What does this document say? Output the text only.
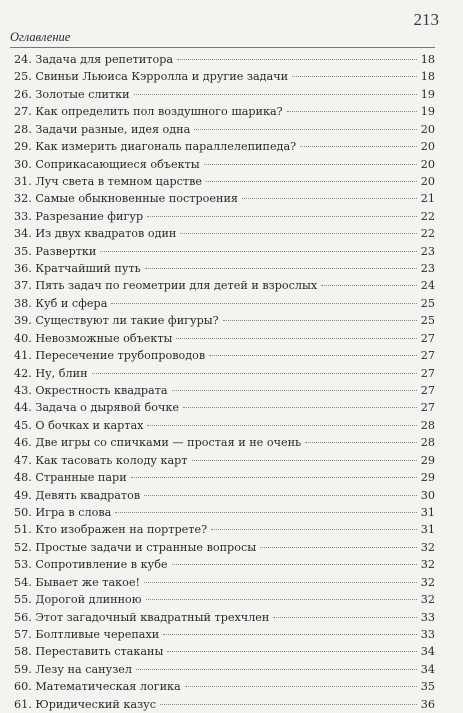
213
Оглавление
24. Задача для репетитора	18
25. Свиньи Льюиса Кэрролла и другие задачи	18
26. Золотые слитки	19
27. Как определить пол воздушного шарика?	19
28. Задачи разные, идея одна	20
29. Как измерить диагональ параллелепипеда?	20
30. Соприкасающиеся объекты	20
31. Луч света в темном царстве	20
32. Самые обыкновенные построения	21
33. Разрезание фигур	22
34. Из двух квадратов один	22
35. Развертки	23
36. Кратчайший путь	23
37. Пять задач по геометрии для детей и взрослых	24
38. Куб и сфера	25
39. Существуют ли такие фигуры?	25
40. Невозможные объекты	27
41. Пересечение трубопроводов	27
42. Ну, блин	27
43. Окрестность квадрата	27
44. Задача о дырявой бочке	27
45. О бочках и картах	28
46. Две игры со спичками — простая и не очень	28
47. Как тасовать колоду карт	29
48. Странные пари	29
49. Девять квадратов	30
50. Игра в слова	31
51. Кто изображен на портрете?	31
52. Простые задачи и странные вопросы	32
53. Сопротивление в кубе	32
54. Бывает же такое!	32
55. Дорогой длинною	32
56. Этот загадочный квадратный трехчлен	33
57. Болтливые черепахи	33
58. Переставить стаканы	34
59. Лезу на санузел	34
60. Математическая логика	35
61. Юридический казус	36
